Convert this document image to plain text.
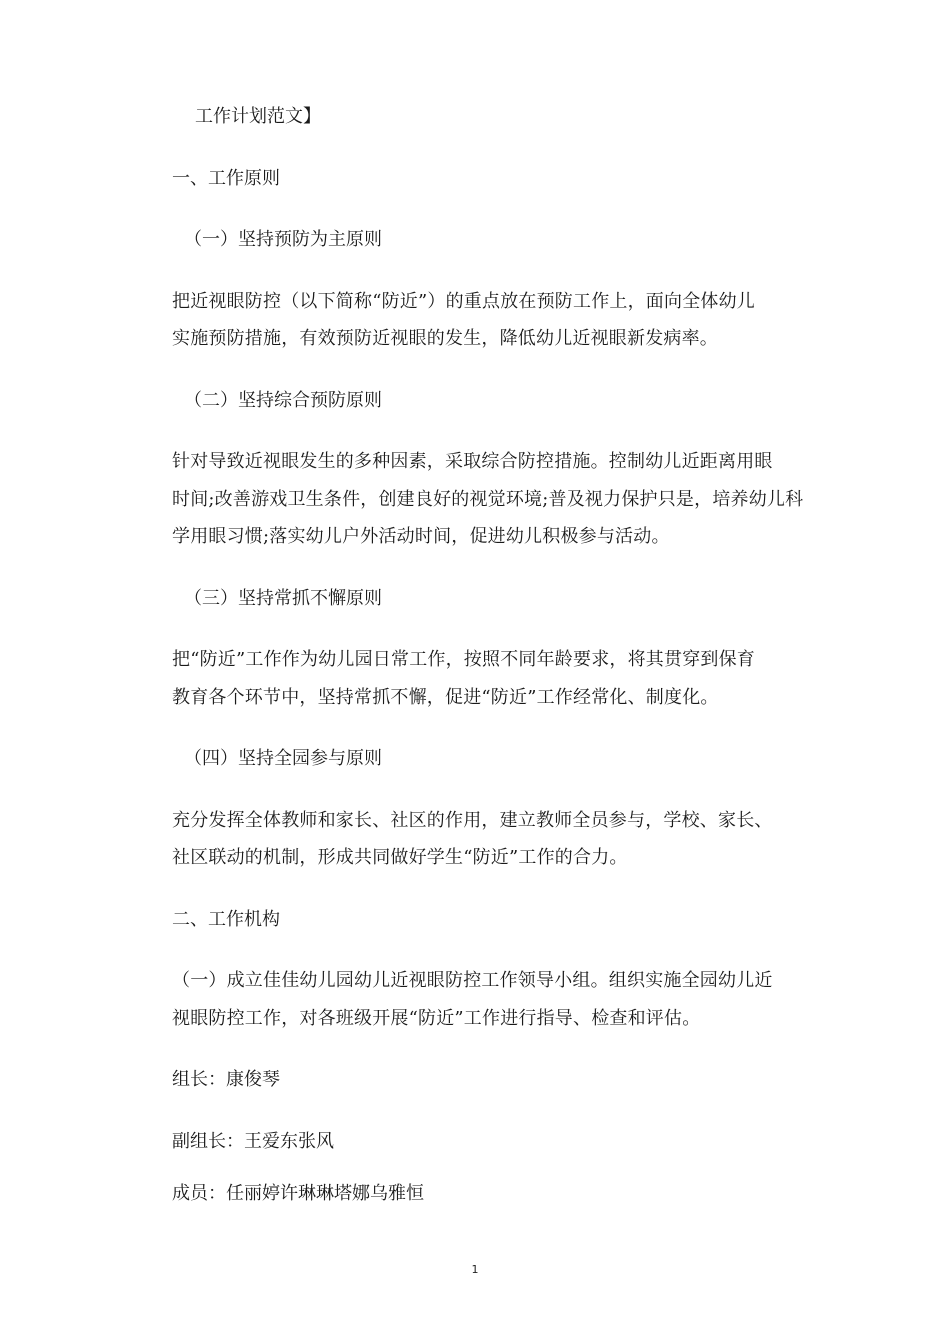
工作计划范文】
一、工作原则
（一）坚持预防为主原则
把近视眼防控（以下简称“防近”）的重点放在预防工作上，面向全体幼儿
实施预防措施，有效预防近视眼的发生，降低幼儿近视眼新发病率。
（二）坚持综合预防原则
针对导致近视眼发生的多种因素，采取综合防控措施。控制幼儿近距离用眼
时间;改善游戏卫生条件，创建良好的视觉环境;普及视力保护只是，培养幼儿科
学用眼习惯;落实幼儿户外活动时间，促进幼儿积极参与活动。
（三）坚持常抓不懈原则
把“防近”工作作为幼儿园日常工作，按照不同年龄要求，将其贯穿到保育
教育各个环节中，坚持常抓不懈，促进“防近”工作经常化、制度化。
（四）坚持全园参与原则
充分发挥全体教师和家长、社区的作用，建立教师全员参与，学校、家长、
社区联动的机制，形成共同做好学生“防近”工作的合力。
二、工作机构
（一）成立佳佳幼儿园幼儿近视眼防控工作领导小组。组织实施全园幼儿近
视眼防控工作，对各班级开展“防近”工作进行指导、检查和评估。
组长：康俊琴
副组长：王爱东张风
成员：任丽婷许琳琳塔娜乌雅恒
1
